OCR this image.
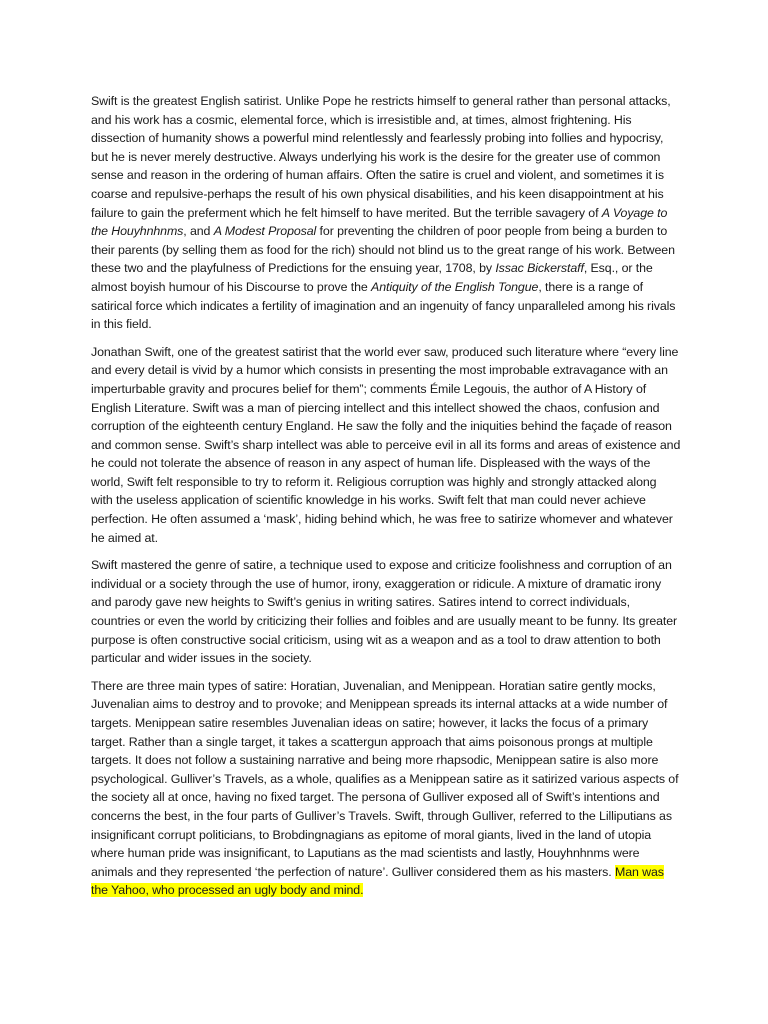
Swift is the greatest English satirist. Unlike Pope he restricts himself to general rather than personal attacks, and his work has a cosmic, elemental force, which is irresistible and, at times, almost frightening. His dissection of humanity shows a powerful mind relentlessly and fearlessly probing into follies and hypocrisy, but he is never merely destructive. Always underlying his work is the desire for the greater use of common sense and reason in the ordering of human affairs. Often the satire is cruel and violent, and sometimes it is coarse and repulsive-perhaps the result of his own physical disabilities, and his keen disappointment at his failure to gain the preferment which he felt himself to have merited. But the terrible savagery of A Voyage to the Houyhnhnms, and A Modest Proposal for preventing the children of poor people from being a burden to their parents (by selling them as food for the rich) should not blind us to the great range of his work. Between these two and the playfulness of Predictions for the ensuing year, 1708, by Issac Bickerstaff, Esq., or the almost boyish humour of his Discourse to prove the Antiquity of the English Tongue, there is a range of satirical force which indicates a fertility of imagination and an ingenuity of fancy unparalleled among his rivals in this field.

Jonathan Swift, one of the greatest satirist that the world ever saw, produced such literature where “every line and every detail is vivid by a humor which consists in presenting the most improbable extravagance with an imperturbable gravity and procures belief for them”; comments Émile Legouis, the author of A History of English Literature. Swift was a man of piercing intellect and this intellect showed the chaos, confusion and corruption of the eighteenth century England. He saw the folly and the iniquities behind the façade of reason and common sense. Swift’s sharp intellect was able to perceive evil in all its forms and areas of existence and he could not tolerate the absence of reason in any aspect of human life. Displeased with the ways of the world, Swift felt responsible to try to reform it. Religious corruption was highly and strongly attacked along with the useless application of scientific knowledge in his works. Swift felt that man could never achieve perfection. He often assumed a ‘mask’, hiding behind which, he was free to satirize whomever and whatever he aimed at.

Swift mastered the genre of satire, a technique used to expose and criticize foolishness and corruption of an individual or a society through the use of humor, irony, exaggeration or ridicule. A mixture of dramatic irony and parody gave new heights to Swift’s genius in writing satires. Satires intend to correct individuals, countries or even the world by criticizing their follies and foibles and are usually meant to be funny. Its greater purpose is often constructive social criticism, using wit as a weapon and as a tool to draw attention to both particular and wider issues in the society.

There are three main types of satire: Horatian, Juvenalian, and Menippean. Horatian satire gently mocks, Juvenalian aims to destroy and to provoke; and Menippean spreads its internal attacks at a wide number of targets. Menippean satire resembles Juvenalian ideas on satire; however, it lacks the focus of a primary target. Rather than a single target, it takes a scattergun approach that aims poisonous prongs at multiple targets. It does not follow a sustaining narrative and being more rhapsodic, Menippean satire is also more psychological. Gulliver’s Travels, as a whole, qualifies as a Menippean satire as it satirized various aspects of the society all at once, having no fixed target. The persona of Gulliver exposed all of Swift’s intentions and concerns the best, in the four parts of Gulliver’s Travels. Swift, through Gulliver, referred to the Lilliputians as insignificant corrupt politicians, to Brobdingnagians as epitome of moral giants, lived in the land of utopia where human pride was insignificant, to Laputians as the mad scientists and lastly, Houyhnhnms were animals and they represented ‘the perfection of nature’. Gulliver considered them as his masters. Man was the Yahoo, who processed an ugly body and mind.
